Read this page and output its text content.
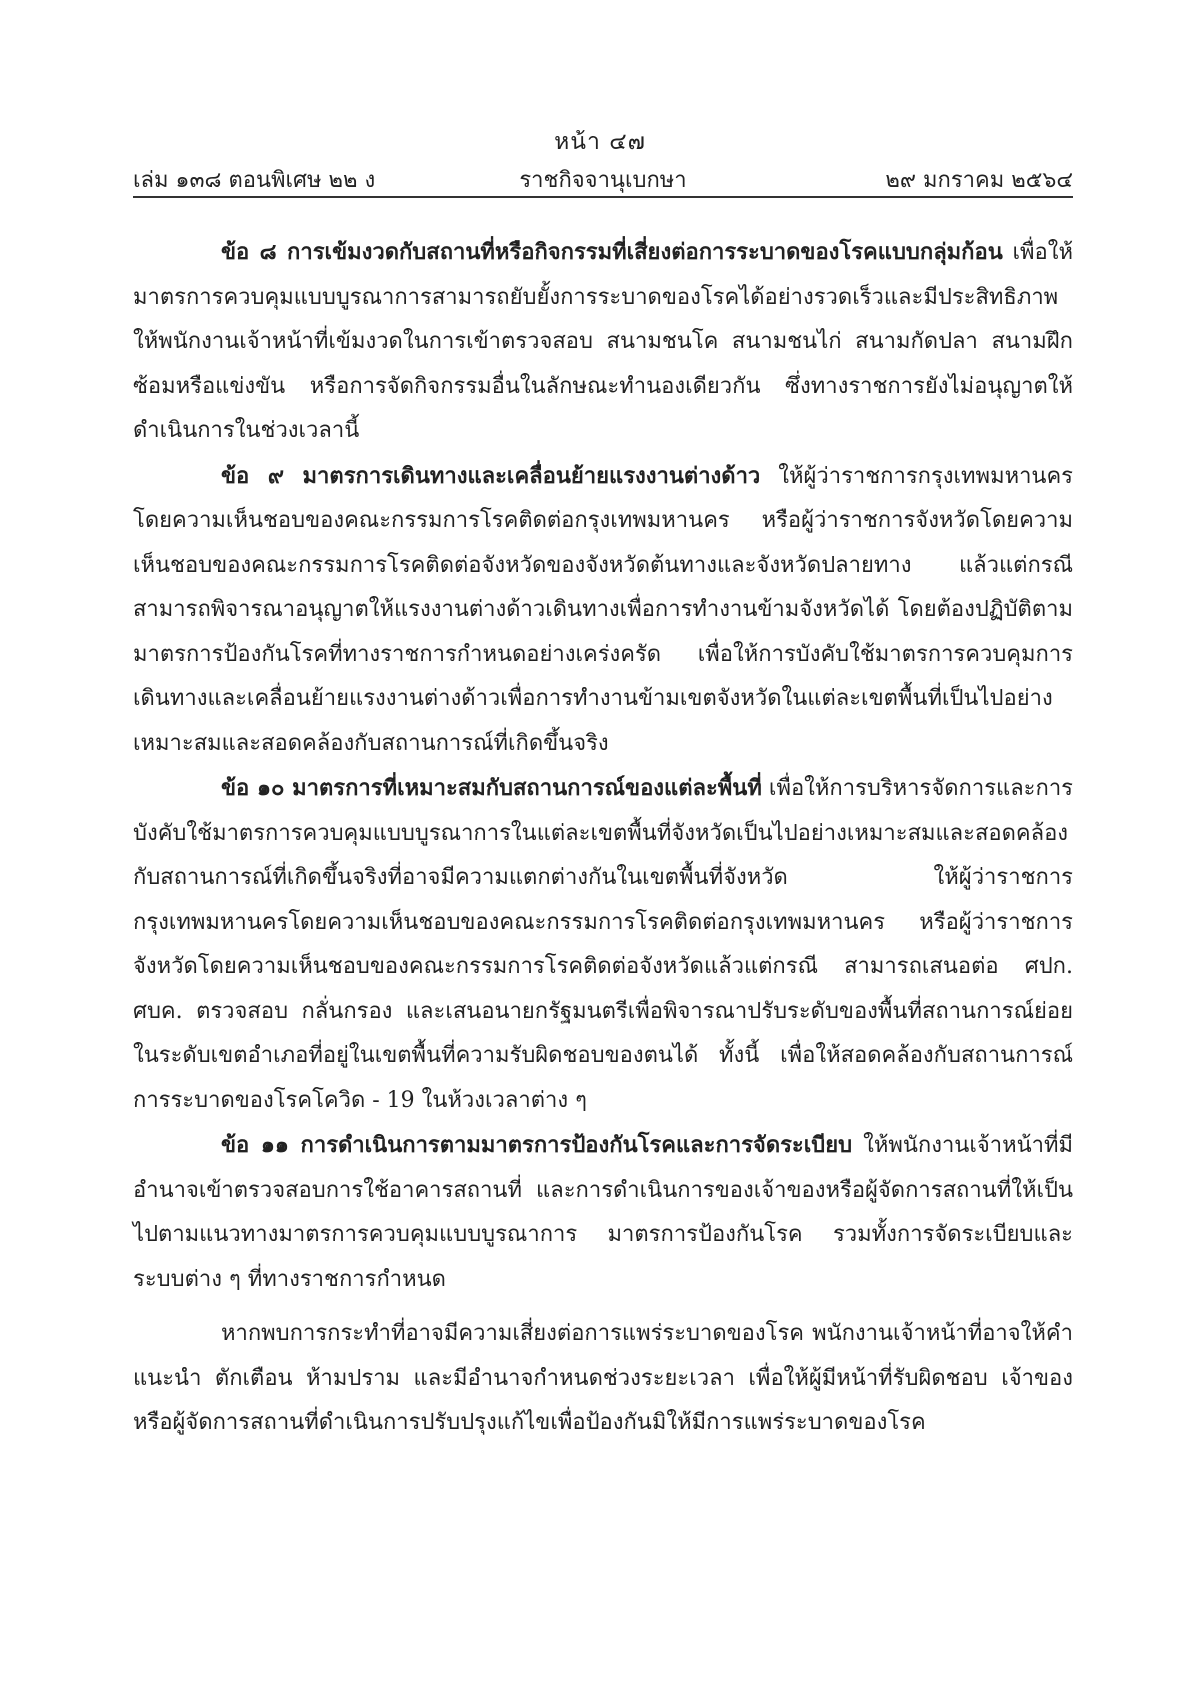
หน้า ๔๗
เล่ม ๑๓๘ ตอนพิเศษ ๒๒ ง	ราชกิจจานุเบกษา	๒๙ มกราคม ๒๕๖๔

ข้อ ๘ การเข้มงวดกับสถานที่หรือกิจกรรมที่เสี่ยงต่อการระบาดของโรคแบบกลุ่มก้อน เพื่อให้มาตรการควบคุมแบบบูรณาการสามารถยับยั้งการระบาดของโรคได้อย่างรวดเร็วและมีประสิทธิภาพ ให้พนักงานเจ้าหน้าที่เข้มงวดในการเข้าตรวจสอบ สนามชนโค สนามชนไก่ สนามกัดปลา สนามฝึกซ้อมหรือแข่งขัน หรือการจัดกิจกรรมอื่นในลักษณะทำนองเดียวกัน ซึ่งทางราชการยังไม่อนุญาตให้ดำเนินการในช่วงเวลานี้

ข้อ ๙ มาตรการเดินทางและเคลื่อนย้ายแรงงานต่างด้าว ให้ผู้ว่าราชการกรุงเทพมหานครโดยความเห็นชอบของคณะกรรมการโรคติดต่อกรุงเทพมหานคร หรือผู้ว่าราชการจังหวัดโดยความเห็นชอบของคณะกรรมการโรคติดต่อจังหวัดของจังหวัดต้นทางและจังหวัดปลายทาง แล้วแต่กรณี สามารถพิจารณาอนุญาตให้แรงงานต่างด้าวเดินทางเพื่อการทำงานข้ามจังหวัดได้ โดยต้องปฏิบัติตามมาตรการป้องกันโรคที่ทางราชการกำหนดอย่างเคร่งครัด เพื่อให้การบังคับใช้มาตรการควบคุมการเดินทางและเคลื่อนย้ายแรงงานต่างด้าวเพื่อการทำงานข้ามเขตจังหวัดในแต่ละเขตพื้นที่เป็นไปอย่างเหมาะสมและสอดคล้องกับสถานการณ์ที่เกิดขึ้นจริง

ข้อ ๑๐ มาตรการที่เหมาะสมกับสถานการณ์ของแต่ละพื้นที่ เพื่อให้การบริหารจัดการและการบังคับใช้มาตรการควบคุมแบบบูรณาการในแต่ละเขตพื้นที่จังหวัดเป็นไปอย่างเหมาะสมและสอดคล้องกับสถานการณ์ที่เกิดขึ้นจริงที่อาจมีความแตกต่างกันในเขตพื้นที่จังหวัด ให้ผู้ว่าราชการกรุงเทพมหานครโดยความเห็นชอบของคณะกรรมการโรคติดต่อกรุงเทพมหานคร หรือผู้ว่าราชการจังหวัดโดยความเห็นชอบของคณะกรรมการโรคติดต่อจังหวัดแล้วแต่กรณี สามารถเสนอต่อ ศปก. ศบค. ตรวจสอบ กลั่นกรอง และเสนอนายกรัฐมนตรีเพื่อพิจารณาปรับระดับของพื้นที่สถานการณ์ย่อยในระดับเขตอำเภอที่อยู่ในเขตพื้นที่ความรับผิดชอบของตนได้ ทั้งนี้ เพื่อให้สอดคล้องกับสถานการณ์การระบาดของโรคโควิด - 19 ในห้วงเวลาต่าง ๆ

ข้อ ๑๑ การดำเนินการตามมาตรการป้องกันโรคและการจัดระเบียบ ให้พนักงานเจ้าหน้าที่มีอำนาจเข้าตรวจสอบการใช้อาคารสถานที่ และการดำเนินการของเจ้าของหรือผู้จัดการสถานที่ให้เป็นไปตามแนวทางมาตรการควบคุมแบบบูรณาการ มาตรการป้องกันโรค รวมทั้งการจัดระเบียบและระบบต่าง ๆ ที่ทางราชการกำหนด

หากพบการกระทำที่อาจมีความเสี่ยงต่อการแพร่ระบาดของโรค พนักงานเจ้าหน้าที่อาจให้คำแนะนำ ตักเตือน ห้ามปราม และมีอำนาจกำหนดช่วงระยะเวลา เพื่อให้ผู้มีหน้าที่รับผิดชอบ เจ้าของ หรือผู้จัดการสถานที่ดำเนินการปรับปรุงแก้ไขเพื่อป้องกันมิให้มีการแพร่ระบาดของโรค
